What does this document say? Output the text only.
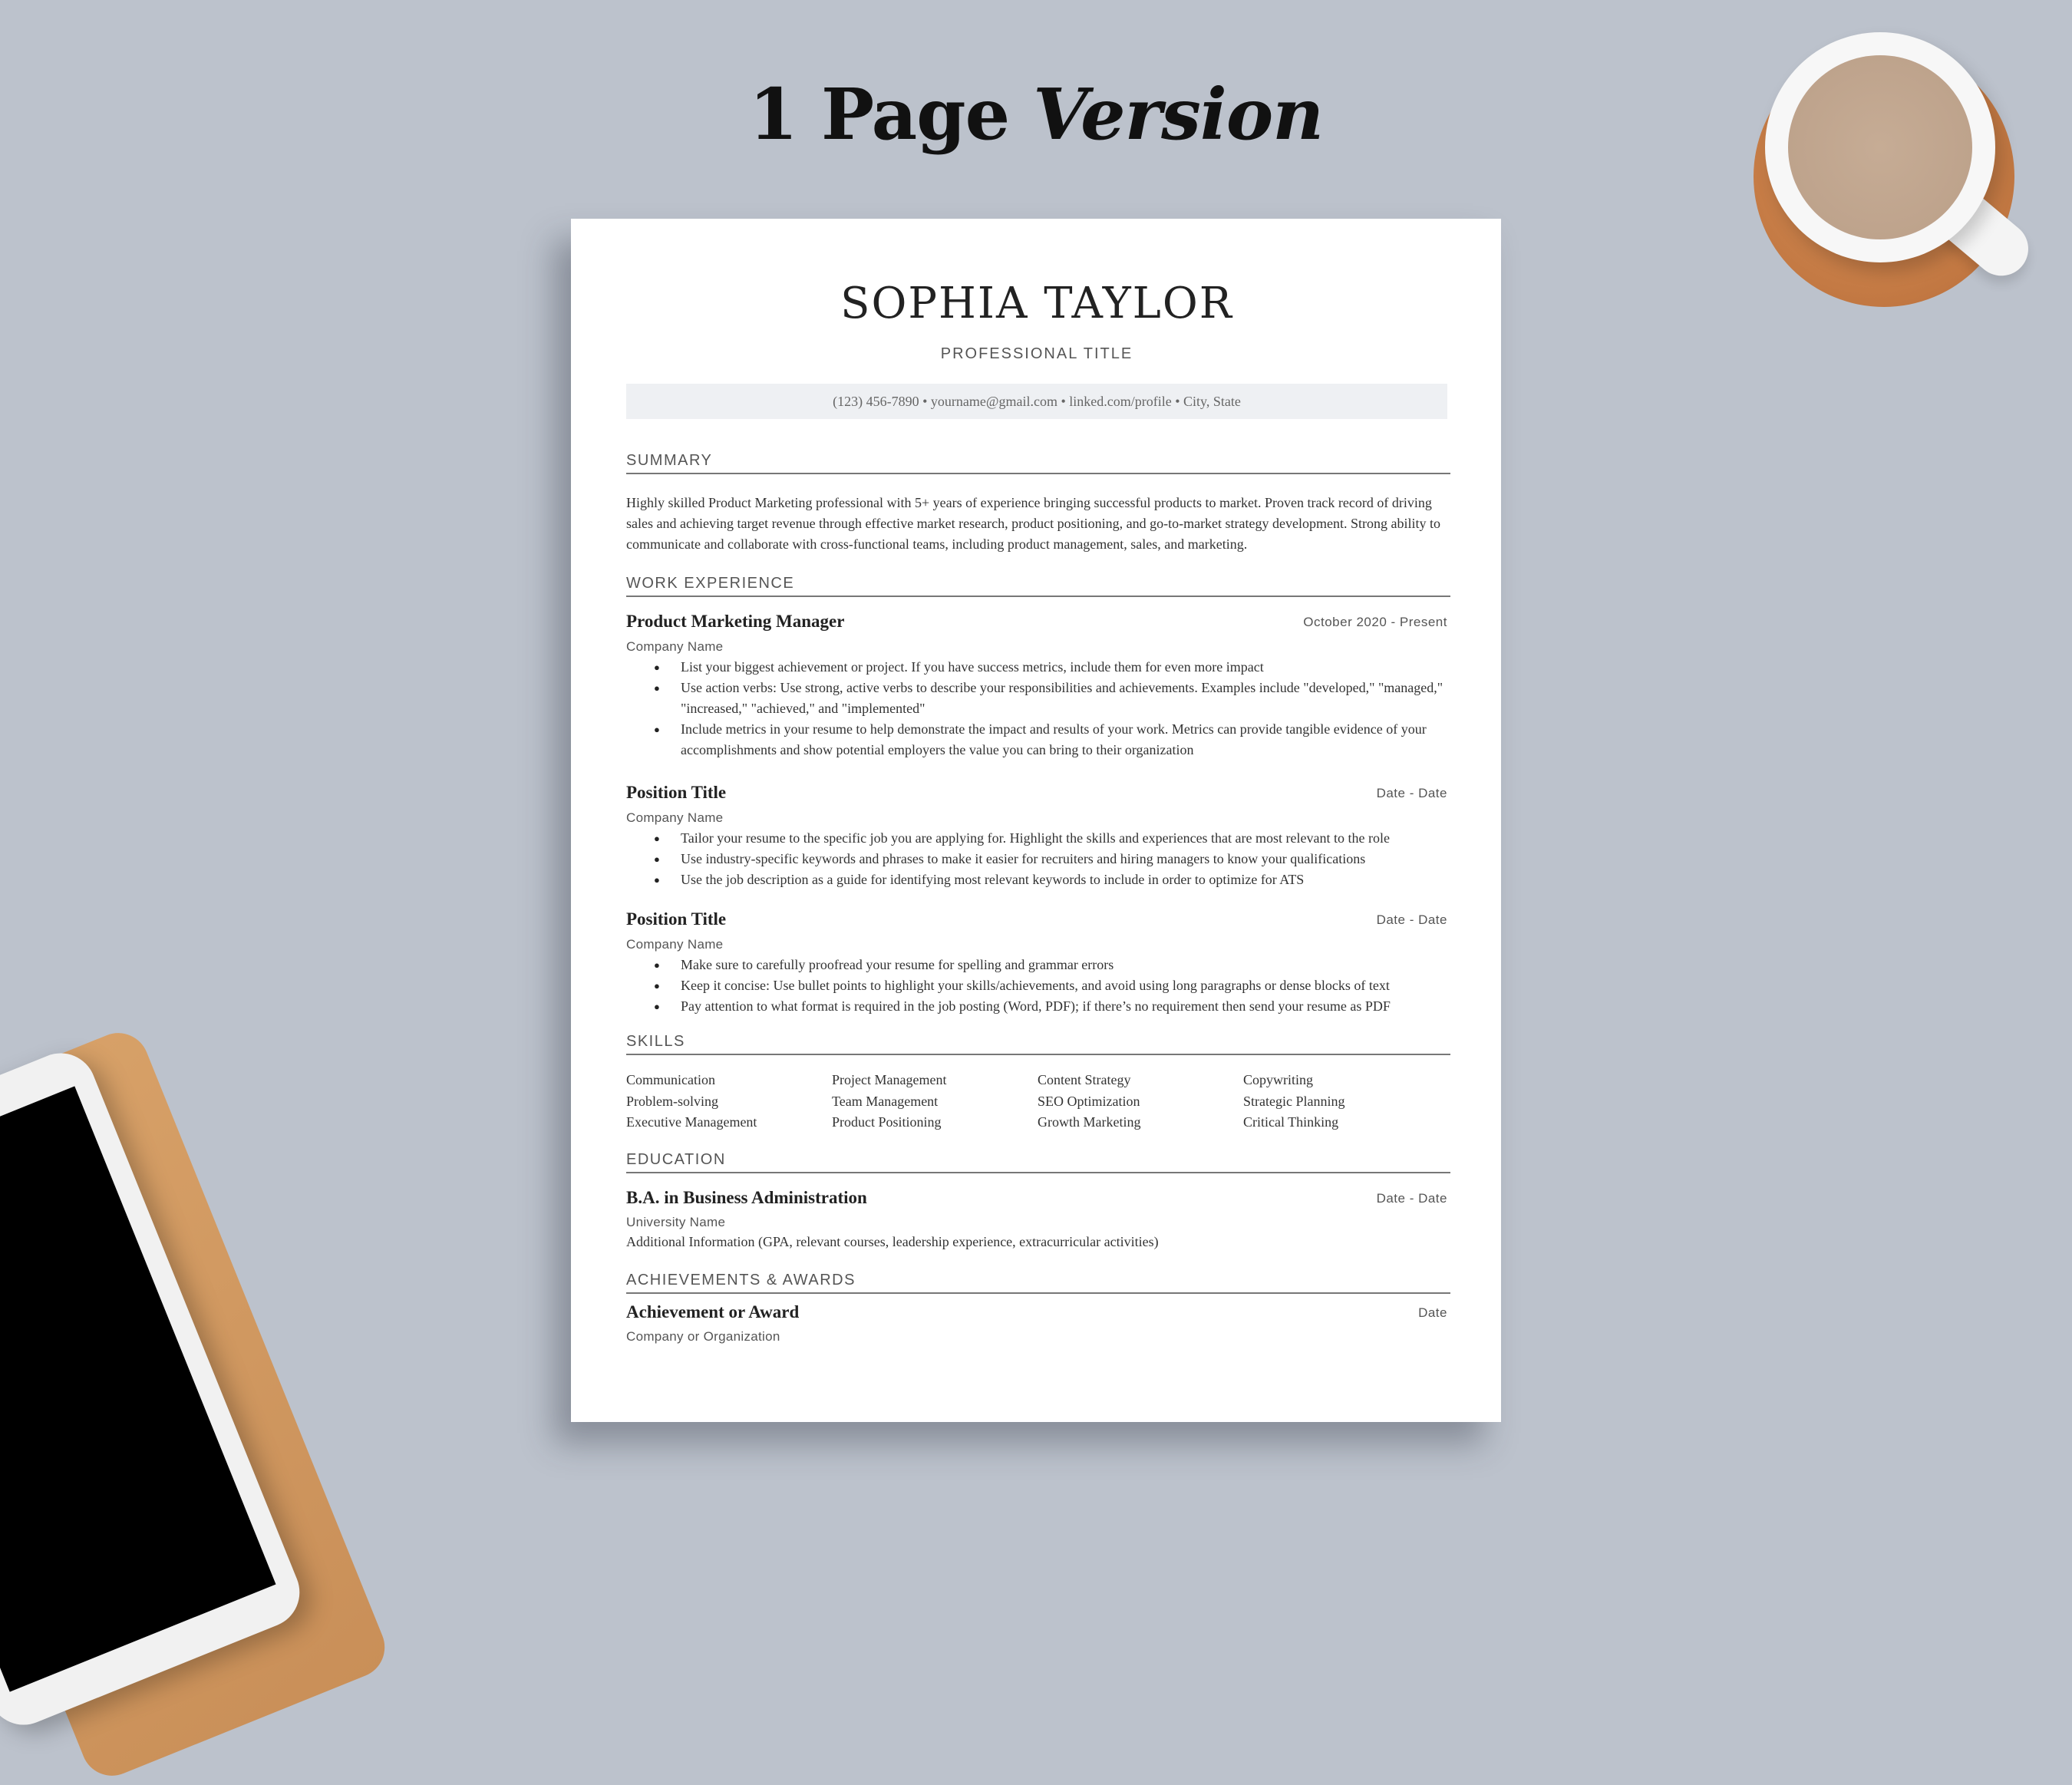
1 Page Version
SOPHIA TAYLOR
PROFESSIONAL TITLE
(123) 456-7890 • yourname@gmail.com • linked.com/profile • City, State
SUMMARY
Highly skilled Product Marketing professional with 5+ years of experience bringing successful products to market. Proven track record of driving sales and achieving target revenue through effective market research, product positioning, and go-to-market strategy development. Strong ability to communicate and collaborate with cross-functional teams, including product management, sales, and marketing.
WORK EXPERIENCE
Product Marketing Manager	October 2020 - Present
Company Name
● List your biggest achievement or project. If you have success metrics, include them for even more impact
● Use action verbs: Use strong, active verbs to describe your responsibilities and achievements. Examples include "developed," "managed," "increased," "achieved," and "implemented"
● Include metrics in your resume to help demonstrate the impact and results of your work. Metrics can provide tangible evidence of your accomplishments and show potential employers the value you can bring to their organization
Position Title	Date - Date
Company Name
● Tailor your resume to the specific job you are applying for. Highlight the skills and experiences that are most relevant to the role
● Use industry-specific keywords and phrases to make it easier for recruiters and hiring managers to know your qualifications
● Use the job description as a guide for identifying most relevant keywords to include in order to optimize for ATS
Position Title	Date - Date
Company Name
● Make sure to carefully proofread your resume for spelling and grammar errors
● Keep it concise: Use bullet points to highlight your skills/achievements, and avoid using long paragraphs or dense blocks of text
● Pay attention to what format is required in the job posting (Word, PDF); if there’s no requirement then send your resume as PDF
SKILLS
Communication	Project Management	Content Strategy	Copywriting
Problem-solving	Team Management	SEO Optimization	Strategic Planning
Executive Management	Product Positioning	Growth Marketing	Critical Thinking
EDUCATION
B.A. in Business Administration	Date - Date
University Name
Additional Information (GPA, relevant courses, leadership experience, extracurricular activities)
ACHIEVEMENTS & AWARDS
Achievement or Award	Date
Company or Organization
